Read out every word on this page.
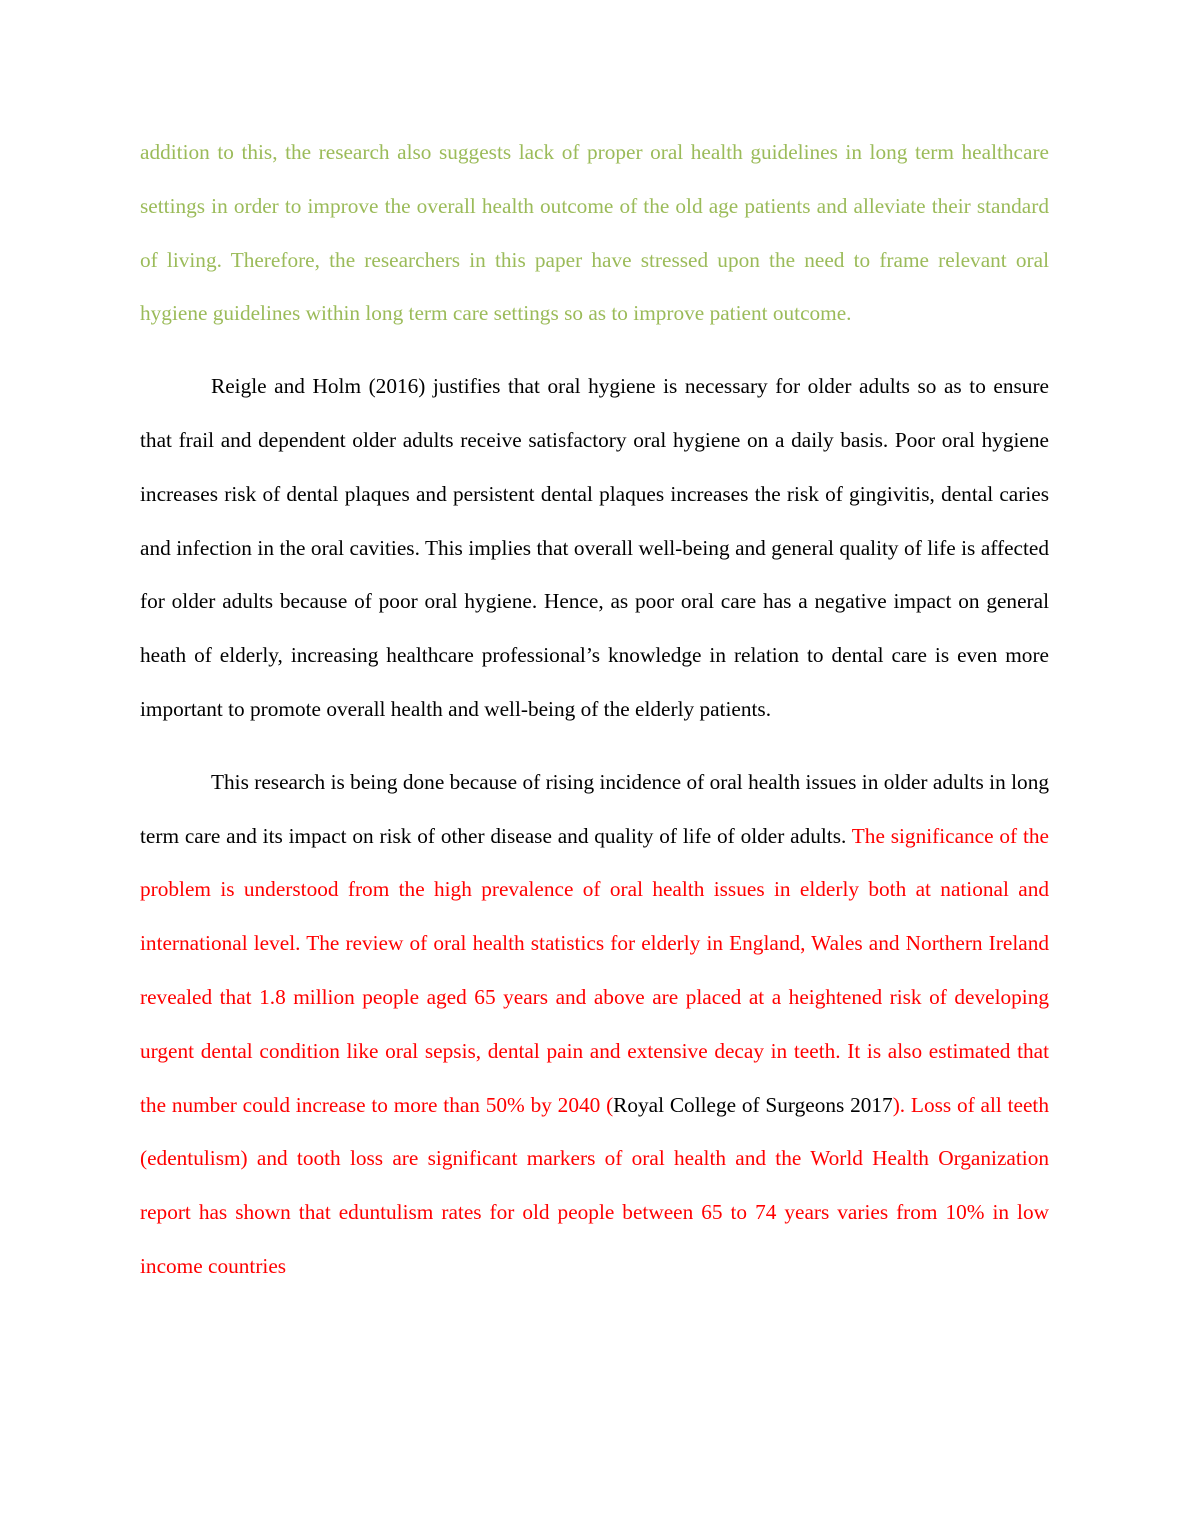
addition to this, the research also suggests lack of proper oral health guidelines in long term healthcare settings in order to improve the overall health outcome of the old age patients and alleviate their standard of living. Therefore, the researchers in this paper have stressed upon the need to frame relevant oral hygiene guidelines within long term care settings so as to improve patient outcome.

Reigle and Holm (2016) justifies that oral hygiene is necessary for older adults so as to ensure that frail and dependent older adults receive satisfactory oral hygiene on a daily basis. Poor oral hygiene increases risk of dental plaques and persistent dental plaques increases the risk of gingivitis, dental caries and infection in the oral cavities. This implies that overall well-being and general quality of life is affected for older adults because of poor oral hygiene. Hence, as poor oral care has a negative impact on general heath of elderly, increasing healthcare professional’s knowledge in relation to dental care is even more important to promote overall health and well-being of the elderly patients.

This research is being done because of rising incidence of oral health issues in older adults in long term care and its impact on risk of other disease and quality of life of older adults. The significance of the problem is understood from the high prevalence of oral health issues in elderly both at national and international level. The review of oral health statistics for elderly in England, Wales and Northern Ireland revealed that 1.8 million people aged 65 years and above are placed at a heightened risk of developing urgent dental condition like oral sepsis, dental pain and extensive decay in teeth. It is also estimated that the number could increase to more than 50% by 2040 (Royal College of Surgeons 2017). Loss of all teeth (edentulism) and tooth loss are significant markers of oral health and the World Health Organization report has shown that eduntulism rates for old people between 65 to 74 years varies from 10% in low income countries
